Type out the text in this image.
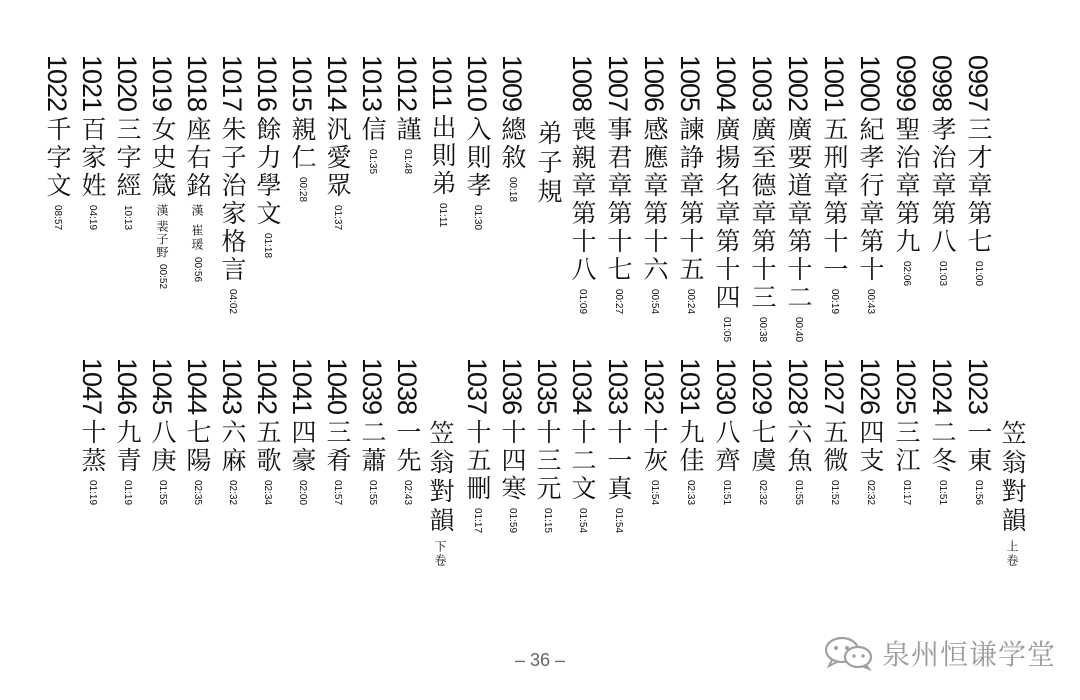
0997
三才章第七
01:00
0998
孝治章第八
01:03
0999
聖治章第九
02:06
1000
紀孝行章第十
00:43
1001
五刑章第十一
00:19
1002
廣要道章第十二
00:40
1003
廣至德章第十三
00:38
1004
廣揚名章第十四
01:05
1005
諫諍章第十五
00:24
1006
感應章第十六
00:54
1007
事君章第十七
00:27
1008
喪親章第十八
01:09
弟子規
1009
總敘
00:18
1010
入則孝
01:30
1011
出則弟
01:11
1012
謹
01:48
1013
信
01:35
1014
汎愛眾
01:37
1015
親仁
00:28
1016
餘力學文
01:18
1017
朱子治家格言
04:02
1018
座右銘
漢 崔瑗
00:56
1019
女史箴
漢
裴子野
00:52
1020
三字經
10:13
1021
百家姓
04:19
1022
千字文
08:57
笠翁對韻
上卷
1023
一東
01:56
1024
二冬
01:51
1025
三江
01:17
1026
四支
02:32
1027
五微
01:52
1028
六魚
01:55
1029
七虞
02:32
1030
八齊
01:51
1031
九佳
02:33
1032
十灰
01:54
1033
十一真
01:54
1034
十二文
01:54
1035
十三元
01:15
1036
十四寒
01:59
1037
十五刪
01:17
笠翁對韻
下卷
1038
一先
02:43
1039
二蕭
01:55
1040
三肴
01:57
1041
四豪
02:00
1042
五歌
02:34
1043
六麻
02:32
1044
七陽
02:35
1045
八庚
01:55
1046
九青
01:19
1047
十蒸
01:19
– 36 –	泉州恒谦学堂
